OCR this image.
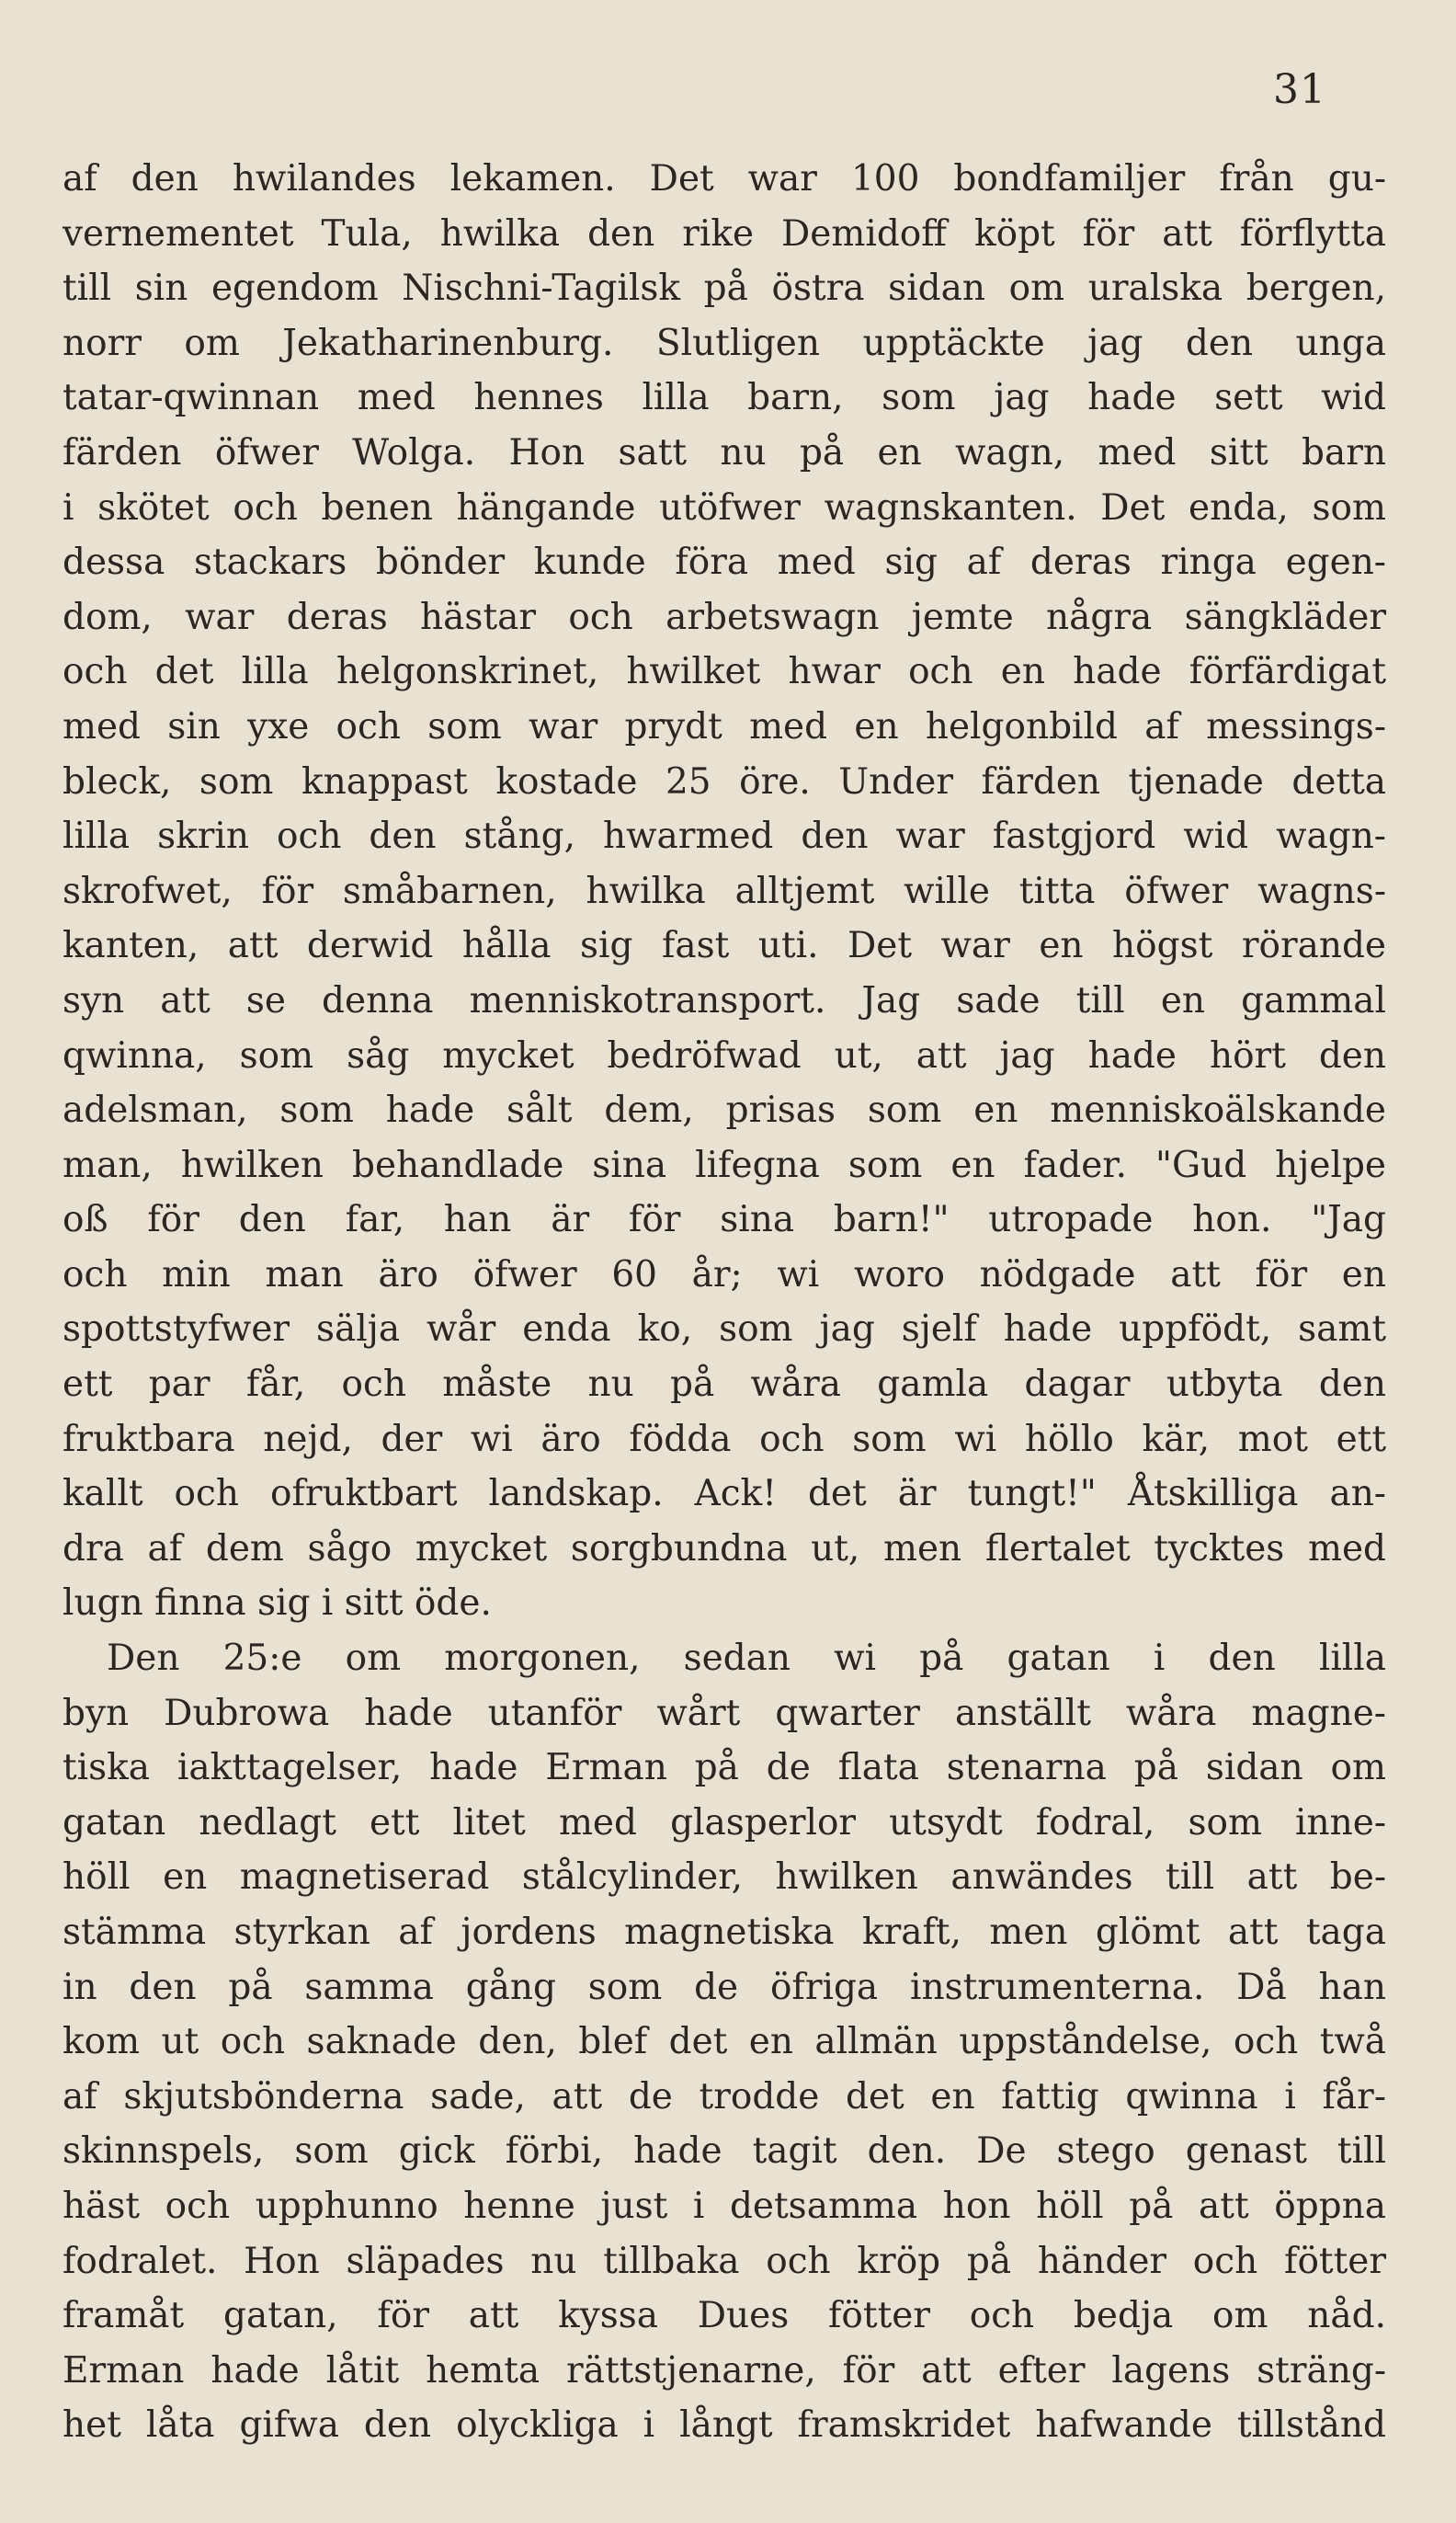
31
af den hwilandes lekamen. Det war 100 bondfamiljer från gu-
vernementet Tula, hwilka den rike Demidoff köpt för att förflytta
till sin egendom Nischni-Tagilsk på östra sidan om uralska bergen,
norr om Jekatharinenburg. Slutligen upptäckte jag den unga
tatar-qwinnan med hennes lilla barn, som jag hade sett wid
färden öfwer Wolga. Hon satt nu på en wagn, med sitt barn
i skötet och benen hängande utöfwer wagnskanten. Det enda, som
dessa stackars bönder kunde föra med sig af deras ringa egen-
dom, war deras hästar och arbetswagn jemte några sängkläder
och det lilla helgonskrinet, hwilket hwar och en hade förfärdigat
med sin yxe och som war prydt med en helgonbild af messings-
bleck, som knappast kostade 25 öre. Under färden tjenade detta
lilla skrin och den stång, hwarmed den war fastgjord wid wagn-
skrofwet, för småbarnen, hwilka alltjemt wille titta öfwer wagns-
kanten, att derwid hålla sig fast uti. Det war en högst rörande
syn att se denna menniskotransport. Jag sade till en gammal
qwinna, som såg mycket bedröfwad ut, att jag hade hört den
adelsman, som hade sålt dem, prisas som en menniskoälskande
man, hwilken behandlade sina lifegna som en fader. "Gud hjelpe
oß för den far, han är för sina barn!" utropade hon. "Jag
och min man äro öfwer 60 år; wi woro nödgade att för en
spottstyfwer sälja wår enda ko, som jag sjelf hade uppfödt, samt
ett par får, och måste nu på wåra gamla dagar utbyta den
fruktbara nejd, der wi äro födda och som wi höllo kär, mot ett
kallt och ofruktbart landskap. Ack! det är tungt!" Åtskilliga an-
dra af dem sågo mycket sorgbundna ut, men flertalet tycktes med
lugn finna sig i sitt öde.
Den 25:e om morgonen, sedan wi på gatan i den lilla
byn Dubrowa hade utanför wårt qwarter anställt wåra magne-
tiska iakttagelser, hade Erman på de flata stenarna på sidan om
gatan nedlagt ett litet med glasperlor utsydt fodral, som inne-
höll en magnetiserad stålcylinder, hwilken anwändes till att be-
stämma styrkan af jordens magnetiska kraft, men glömt att taga
in den på samma gång som de öfriga instrumenterna. Då han
kom ut och saknade den, blef det en allmän uppståndelse, och twå
af skjutsbönderna sade, att de trodde det en fattig qwinna i får-
skinnspels, som gick förbi, hade tagit den. De stego genast till
häst och upphunno henne just i detsamma hon höll på att öppna
fodralet. Hon släpades nu tillbaka och kröp på händer och fötter
framåt gatan, för att kyssa Dues fötter och bedja om nåd.
Erman hade låtit hemta rättstjenarne, för att efter lagens sträng-
het låta gifwa den olyckliga i långt framskridet hafwande tillstånd
